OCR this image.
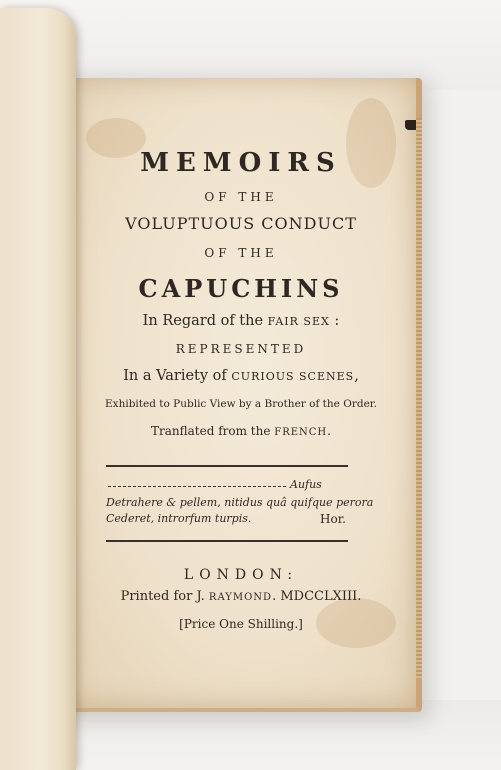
MEMOIRS
OF THE
VOLUPTUOUS CONDUCT
OF THE
CAPUCHINS
In Regard of the FAIR SEX :
REPRESENTED
In a Variety of CURIOUS SCENES,
Exhibited to Public View by a Brother of the Order.
Tranflated from the FRENCH.
Aufus
Detrahere & pellem, nitidus quâ quifque perora
Cederet, introrfum turpis.	Hor.
LONDON:
Printed for J. RAYMOND. MDCCLXIII.
[Price One Shilling.]
